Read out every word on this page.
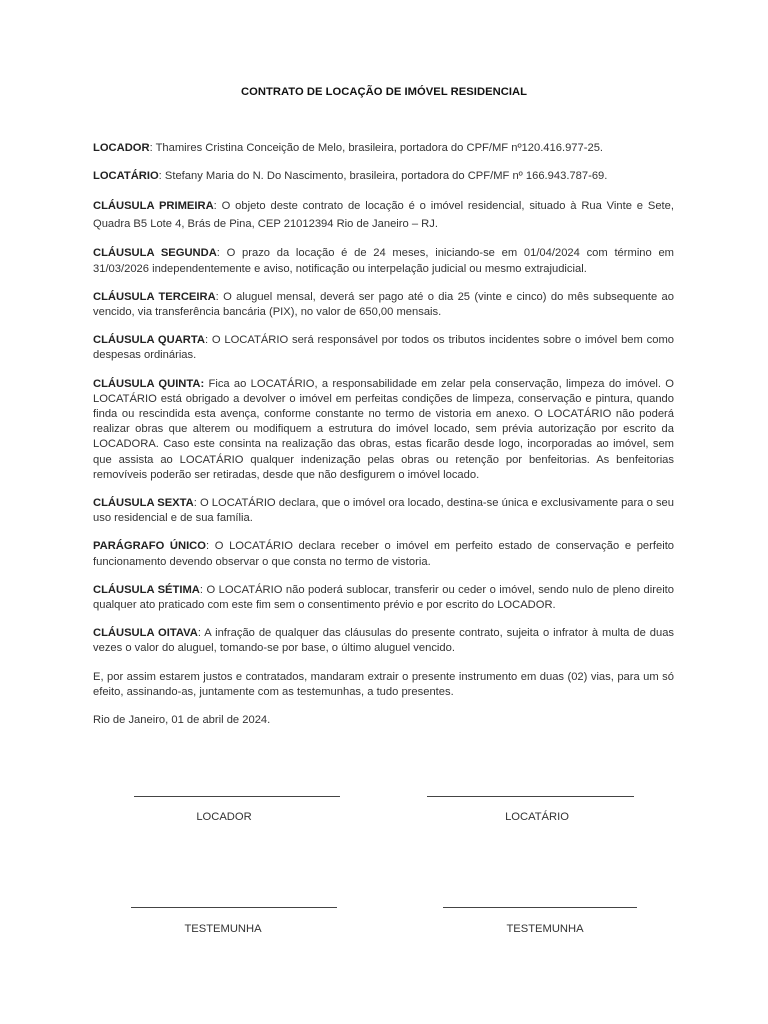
CONTRATO DE LOCAÇÃO DE IMÓVEL RESIDENCIAL

LOCADOR: Thamires Cristina Conceição de Melo, brasileira, portadora do CPF/MF nº120.416.977-25.

LOCATÁRIO: Stefany Maria do N. Do Nascimento, brasileira, portadora do CPF/MF nº 166.943.787-69.

CLÁUSULA PRIMEIRA: O objeto deste contrato de locação é o imóvel residencial, situado à Rua Vinte e Sete, Quadra B5 Lote 4, Brás de Pina, CEP 21012394 Rio de Janeiro – RJ.

CLÁUSULA SEGUNDA: O prazo da locação é de 24 meses, iniciando-se em 01/04/2024 com término em 31/03/2026 independentemente e aviso, notificação ou interpelação judicial ou mesmo extrajudicial.

CLÁUSULA TERCEIRA: O aluguel mensal, deverá ser pago até o dia 25 (vinte e cinco) do mês subsequente ao vencido, via transferência bancária (PIX), no valor de 650,00 mensais.

CLÁUSULA QUARTA: O LOCATÁRIO será responsável por todos os tributos incidentes sobre o imóvel bem como despesas ordinárias.

CLÁUSULA QUINTA: Fica ao LOCATÁRIO, a responsabilidade em zelar pela conservação, limpeza do imóvel. O LOCATÁRIO está obrigado a devolver o imóvel em perfeitas condições de limpeza, conservação e pintura, quando finda ou rescindida esta avença, conforme constante no termo de vistoria em anexo. O LOCATÁRIO não poderá realizar obras que alterem ou modifiquem a estrutura do imóvel locado, sem prévia autorização por escrito da LOCADORA. Caso este consinta na realização das obras, estas ficarão desde logo, incorporadas ao imóvel, sem que assista ao LOCATÁRIO qualquer indenização pelas obras ou retenção por benfeitorias. As benfeitorias removíveis poderão ser retiradas, desde que não desfigurem o imóvel locado.

CLÁUSULA SEXTA: O LOCATÁRIO declara, que o imóvel ora locado, destina-se única e exclusivamente para o seu uso residencial e de sua família.

PARÁGRAFO ÚNICO: O LOCATÁRIO declara receber o imóvel em perfeito estado de conservação e perfeito funcionamento devendo observar o que consta no termo de vistoria.

CLÁUSULA SÉTIMA: O LOCATÁRIO não poderá sublocar, transferir ou ceder o imóvel, sendo nulo de pleno direito qualquer ato praticado com este fim sem o consentimento prévio e por escrito do LOCADOR.

CLÁUSULA OITAVA: A infração de qualquer das cláusulas do presente contrato, sujeita o infrator à multa de duas vezes o valor do aluguel, tomando-se por base, o último aluguel vencido.

E, por assim estarem justos e contratados, mandaram extrair o presente instrumento em duas (02) vias, para um só efeito, assinando-as, juntamente com as testemunhas, a tudo presentes.

Rio de Janeiro, 01 de abril de 2024.

LOCADOR	LOCATÁRIO
TESTEMUNHA	TESTEMUNHA
